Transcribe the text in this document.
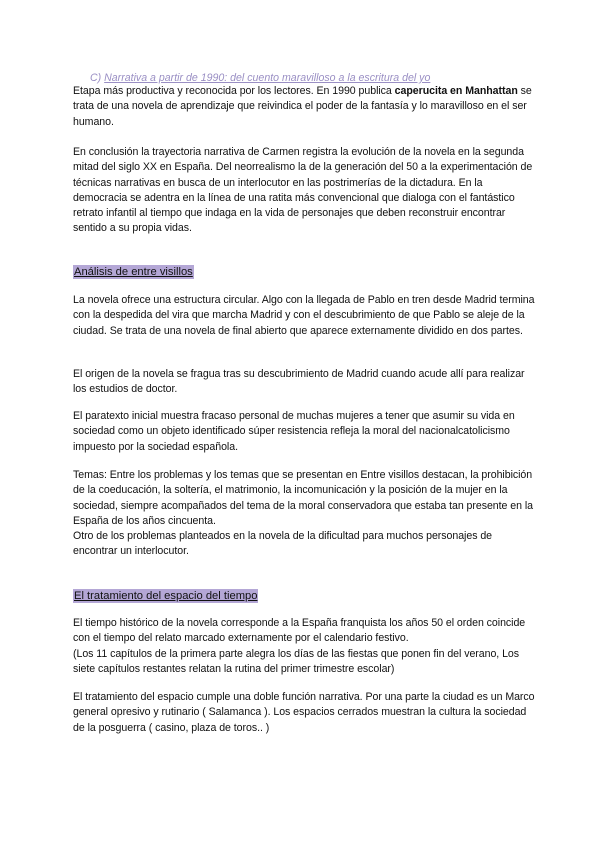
C) Narrativa a partir de 1990: del cuento maravilloso a la escritura del yo

Etapa más productiva y reconocida por los lectores. En 1990 publica caperucita en Manhattan se trata de una novela de aprendizaje que reivindica el poder de la fantasía y lo maravilloso en el ser humano.

En conclusión la trayectoria narrativa de Carmen registra la evolución de la novela en la segunda mitad del siglo XX en España. Del neorrealismo la de la generación del 50 a la experimentación de técnicas narrativas en busca de un interlocutor en las postrimerías de la dictadura. En la democracia se adentra en la línea de una ratita más convencional que dialoga con el fantástico retrato infantil al tiempo que indaga en la vida de personajes que deben reconstruir encontrar sentido a su propia vidas.

Análisis de entre visillos

La novela ofrece una estructura circular. Algo con la llegada de Pablo en tren desde Madrid termina con la despedida del vira que marcha Madrid y con el descubrimiento de que Pablo se aleje de la ciudad. Se trata de una novela de final abierto que aparece externamente dividido en dos partes.

El origen de la novela se fragua tras su descubrimiento de Madrid cuando acude allí para realizar los estudios de doctor.

El paratexto inicial muestra fracaso personal de muchas mujeres a tener que asumir su vida en sociedad como un objeto identificado súper resistencia refleja la moral del nacionalcatolicismo impuesto por la sociedad española.

Temas: Entre los problemas y los temas que se presentan en Entre visillos destacan, la prohibición de la coeducación, la soltería, el matrimonio, la incomunicación y la posición de la mujer en la sociedad, siempre acompañados del tema de la moral conservadora que estaba tan presente en la España de los años cincuenta.
Otro de los problemas planteados en la novela de la dificultad para muchos personajes de encontrar un interlocutor.

El tratamiento del espacio del tiempo

El tiempo histórico de la novela corresponde a la España franquista los años 50 el orden coincide con el tiempo del relato marcado externamente por el calendario festivo.
(Los 11 capítulos de la primera parte alegra los días de las fiestas que ponen fin del verano, Los siete capítulos restantes relatan la rutina del primer trimestre escolar)

El tratamiento del espacio cumple una doble función narrativa. Por una parte la ciudad es un Marco general opresivo y rutinario ( Salamanca ). Los espacios cerrados muestran la cultura la sociedad de la posguerra ( casino, plaza de toros.. )
